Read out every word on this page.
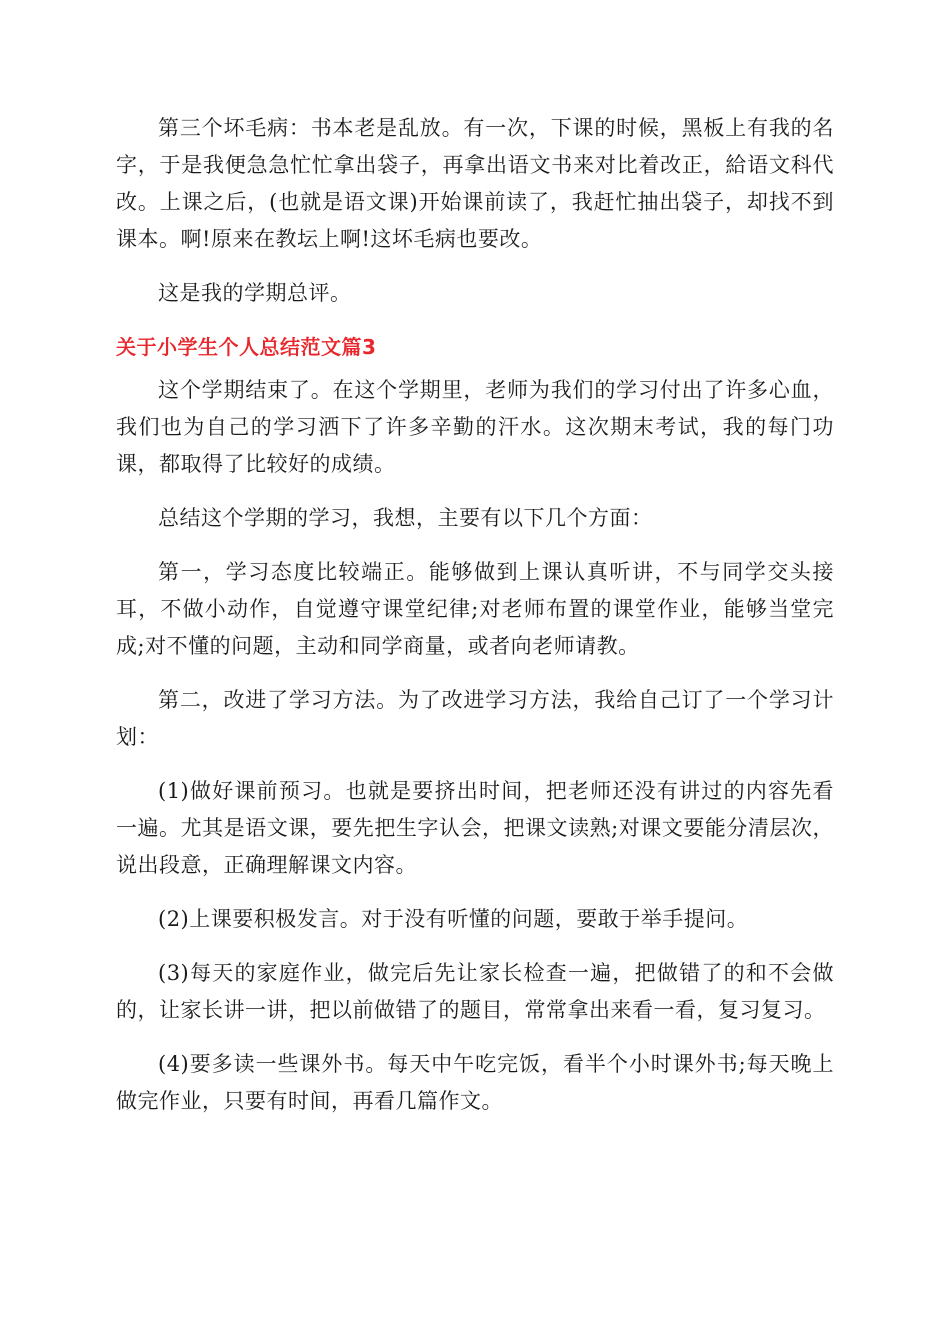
第三个坏毛病：书本老是乱放。有一次，下课的时候，黑板上有我的名字，于是我便急急忙忙拿出袋子，再拿出语文书来对比着改正，給语文科代改。上课之后，(也就是语文课)开始课前读了，我赶忙抽出袋子，却找不到课本。啊!原来在教坛上啊!这坏毛病也要改。

这是我的学期总评。

关于小学生个人总结范文篇3

这个学期结束了。在这个学期里，老师为我们的学习付出了许多心血，我们也为自己的学习洒下了许多辛勤的汗水。这次期末考试，我的每门功课，都取得了比较好的成绩。

总结这个学期的学习，我想，主要有以下几个方面：

第一，学习态度比较端正。能够做到上课认真听讲，不与同学交头接耳，不做小动作，自觉遵守课堂纪律;对老师布置的课堂作业，能够当堂完成;对不懂的问题，主动和同学商量，或者向老师请教。

第二，改进了学习方法。为了改进学习方法，我给自己订了一个学习计划：

(1)做好课前预习。也就是要挤出时间，把老师还没有讲过的内容先看一遍。尤其是语文课，要先把生字认会，把课文读熟;对课文要能分清层次，说出段意，正确理解课文内容。

(2)上课要积极发言。对于没有听懂的问题，要敢于举手提问。

(3)每天的家庭作业，做完后先让家长检查一遍，把做错了的和不会做的，让家长讲一讲，把以前做错了的题目，常常拿出来看一看，复习复习。

(4)要多读一些课外书。每天中午吃完饭，看半个小时课外书;每天晚上做完作业，只要有时间，再看几篇作文。
